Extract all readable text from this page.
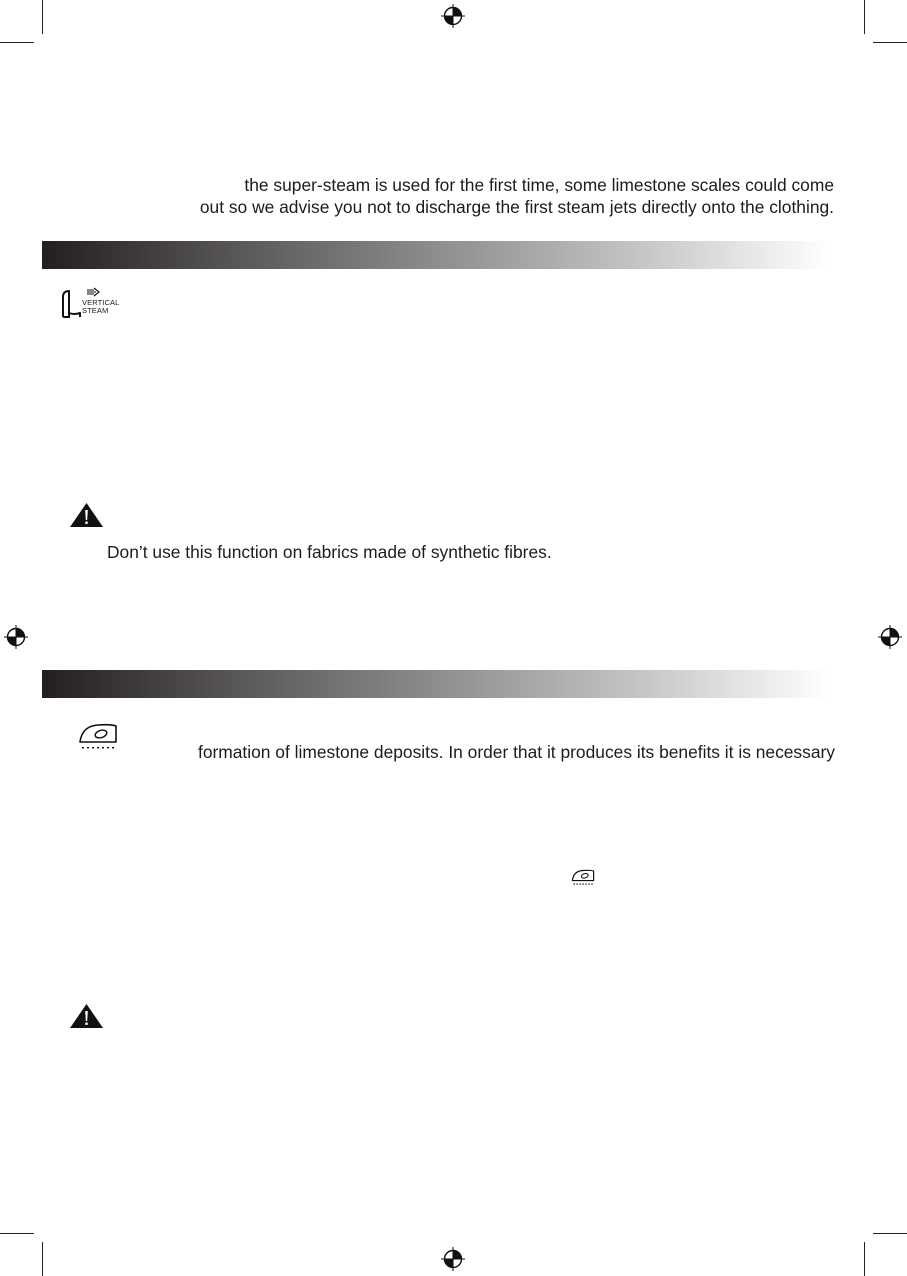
the super-steam is used for the first time, some limestone scales could come
out so we advise you not to discharge the first steam jets directly onto the clothing.
VERTICAL
STEAM
Don’t use this function on fabrics made of synthetic fibres.
formation of limestone deposits. In order that it produces its benefits it is necessary
